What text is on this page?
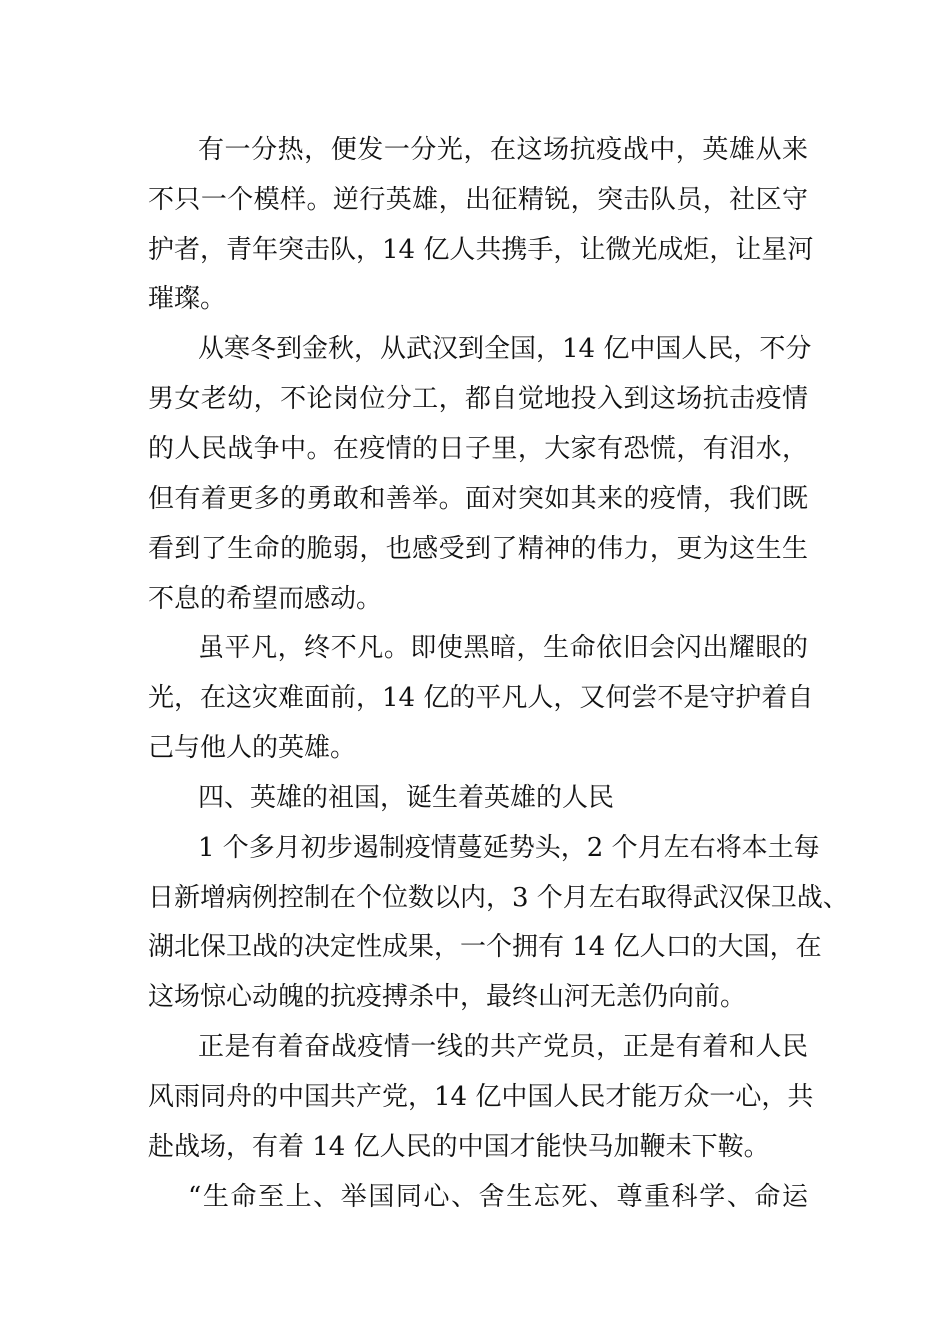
有一分热，便发一分光，在这场抗疫战中，英雄从来
不只一个模样。逆行英雄，出征精锐，突击队员，社区守
护者，青年突击队，14 亿人共携手，让微光成炬，让星河
璀璨。
从寒冬到金秋，从武汉到全国，14 亿中国人民，不分
男女老幼，不论岗位分工，都自觉地投入到这场抗击疫情
的人民战争中。在疫情的日子里，大家有恐慌，有泪水，
但有着更多的勇敢和善举。面对突如其来的疫情，我们既
看到了生命的脆弱，也感受到了精神的伟力，更为这生生
不息的希望而感动。
虽平凡，终不凡。即使黑暗，生命依旧会闪出耀眼的
光，在这灾难面前，14 亿的平凡人，又何尝不是守护着自
己与他人的英雄。
四、英雄的祖国，诞生着英雄的人民
1 个多月初步遏制疫情蔓延势头，2 个月左右将本土每
日新增病例控制在个位数以内，3 个月左右取得武汉保卫战、
湖北保卫战的决定性成果，一个拥有 14 亿人口的大国，在
这场惊心动魄的抗疫搏杀中，最终山河无恙仍向前。
正是有着奋战疫情一线的共产党员，正是有着和人民
风雨同舟的中国共产党，14 亿中国人民才能万众一心，共
赴战场，有着 14 亿人民的中国才能快马加鞭未下鞍。
“生命至上、举国同心、舍生忘死、尊重科学、命运
